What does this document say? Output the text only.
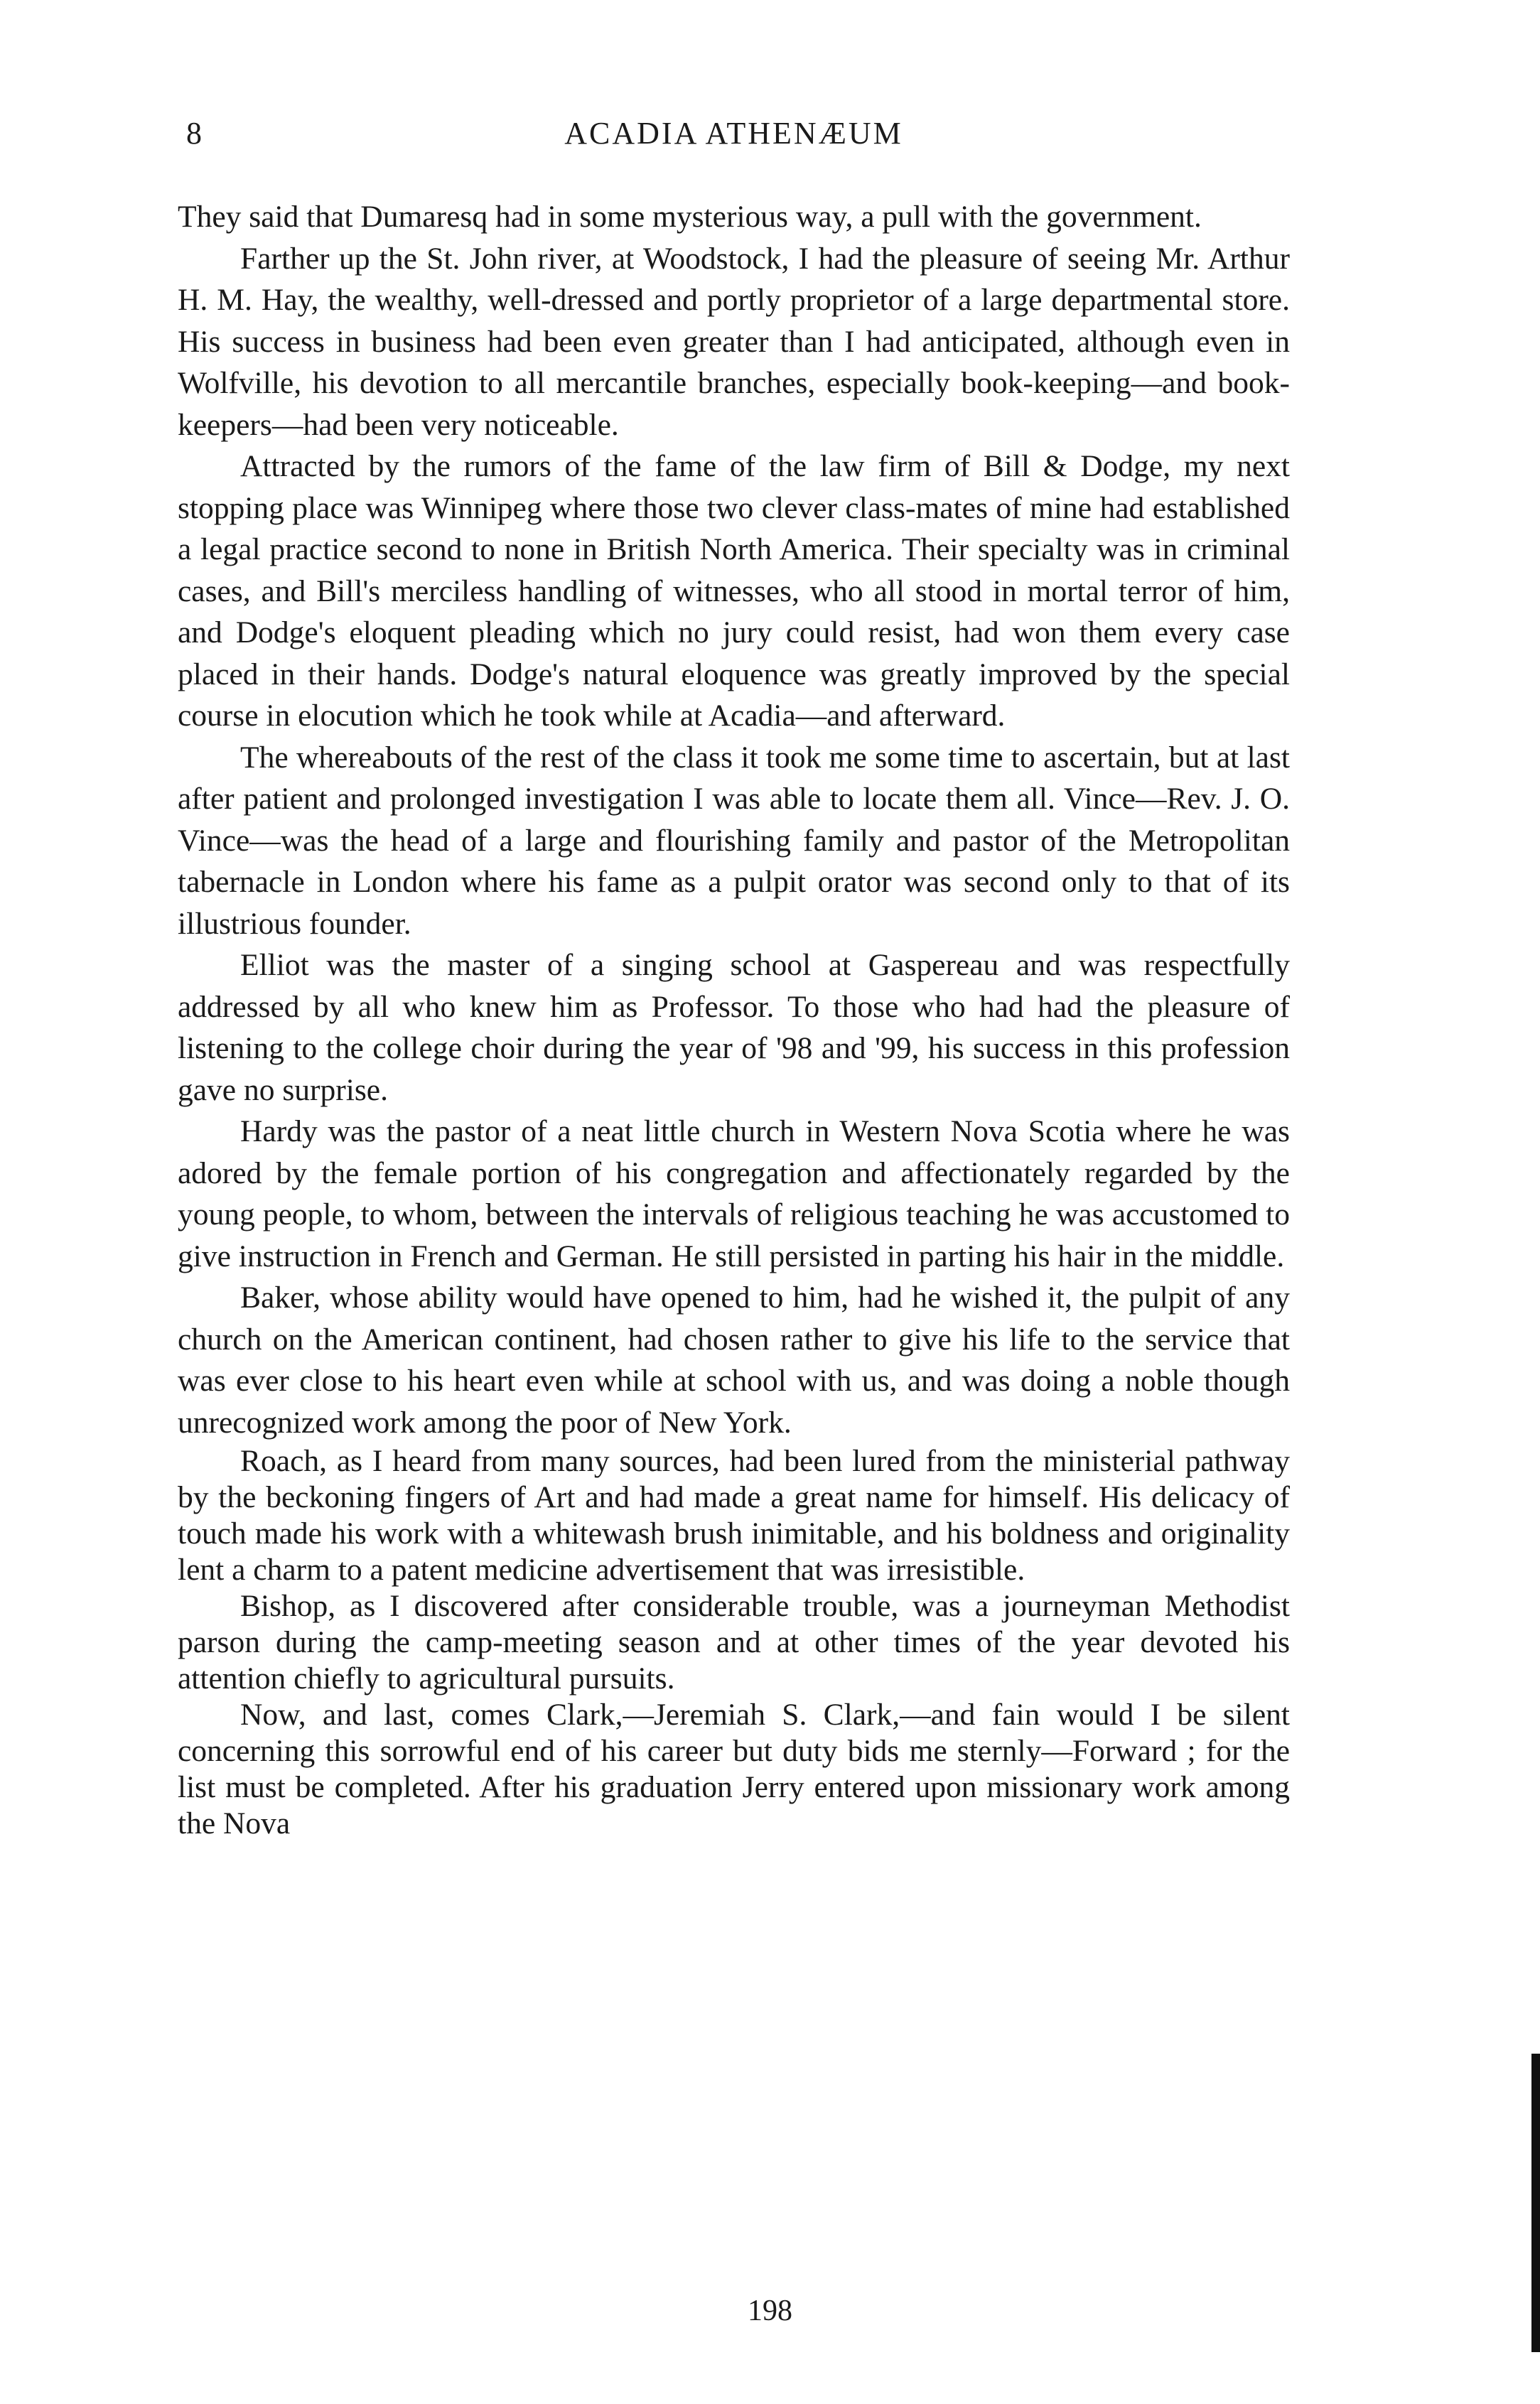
8	ACADIA ATHENÆUM

They said that Dumaresq had in some mysterious way, a pull with the government.

Farther up the St. John river, at Woodstock, I had the pleasure of seeing Mr. Arthur H. M. Hay, the wealthy, well-dressed and portly proprietor of a large departmental store. His success in business had been even greater than I had anticipated, although even in Wolfville, his devotion to all mercantile branches, especially book-keeping—and book-keepers—had been very noticeable.

Attracted by the rumors of the fame of the law firm of Bill & Dodge, my next stopping place was Winnipeg where those two clever class-mates of mine had established a legal practice second to none in British North America. Their specialty was in criminal cases, and Bill's merciless handling of witnesses, who all stood in mortal terror of him, and Dodge's eloquent pleading which no jury could resist, had won them every case placed in their hands. Dodge's natural eloquence was greatly improved by the special course in elocution which he took while at Acadia—and afterward.

The whereabouts of the rest of the class it took me some time to ascertain, but at last after patient and prolonged investigation I was able to locate them all. Vince—Rev. J. O. Vince—was the head of a large and flourishing family and pastor of the Metropolitan tabernacle in London where his fame as a pulpit orator was second only to that of its illustrious founder.

Elliot was the master of a singing school at Gaspereau and was respectfully addressed by all who knew him as Professor. To those who had had the pleasure of listening to the college choir during the year of '98 and '99, his success in this profession gave no surprise.

Hardy was the pastor of a neat little church in Western Nova Scotia where he was adored by the female portion of his congregation and affectionately regarded by the young people, to whom, between the intervals of religious teaching he was accustomed to give instruction in French and German. He still persisted in parting his hair in the middle.

Baker, whose ability would have opened to him, had he wished it, the pulpit of any church on the American continent, had chosen rather to give his life to the service that was ever close to his heart even while at school with us, and was doing a noble though unrecognized work among the poor of New York.

Roach, as I heard from many sources, had been lured from the ministerial pathway by the beckoning fingers of Art and had made a great name for himself. His delicacy of touch made his work with a whitewash brush inimitable, and his boldness and originality lent a charm to a patent medicine advertisement that was irresistible.

Bishop, as I discovered after considerable trouble, was a journeyman Methodist parson during the camp-meeting season and at other times of the year devoted his attention chiefly to agricultural pursuits.

Now, and last, comes Clark,—Jeremiah S. Clark,—and fain would I be silent concerning this sorrowful end of his career but duty bids me sternly—Forward ; for the list must be completed. After his graduation Jerry entered upon missionary work among the Nova

198
